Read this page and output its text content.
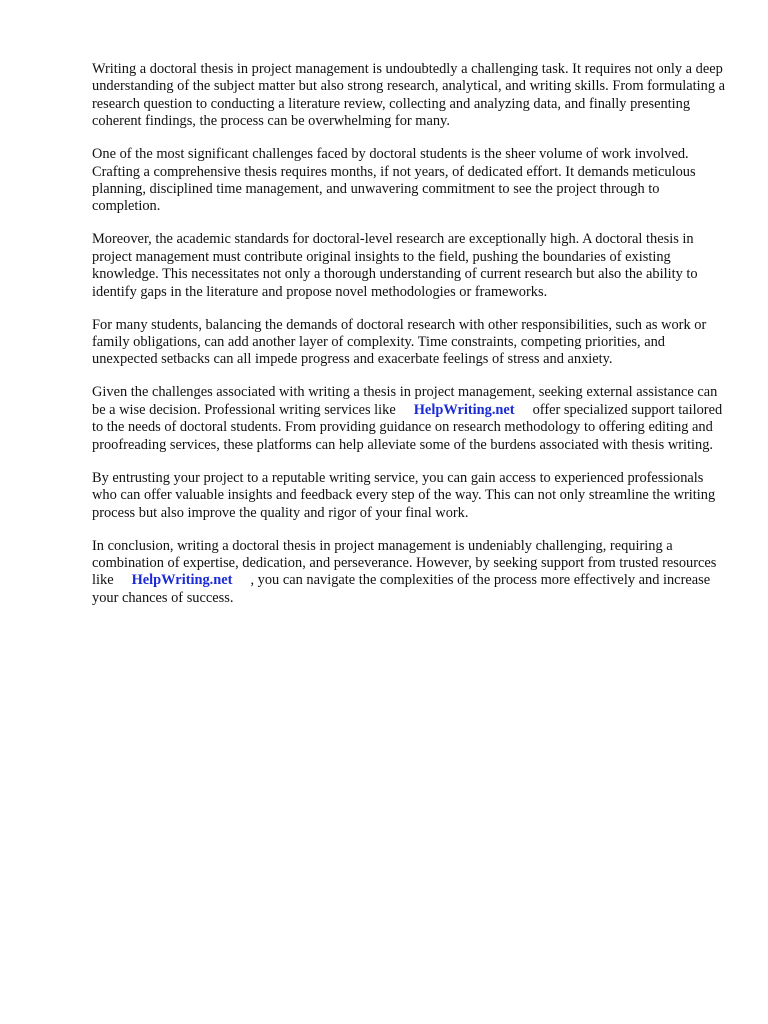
Writing a doctoral thesis in project management is undoubtedly a challenging task. It requires not only a deep understanding of the subject matter but also strong research, analytical, and writing skills. From formulating a research question to conducting a literature review, collecting and analyzing data, and finally presenting coherent findings, the process can be overwhelming for many.

One of the most significant challenges faced by doctoral students is the sheer volume of work involved. Crafting a comprehensive thesis requires months, if not years, of dedicated effort. It demands meticulous planning, disciplined time management, and unwavering commitment to see the project through to completion.

Moreover, the academic standards for doctoral-level research are exceptionally high. A doctoral thesis in project management must contribute original insights to the field, pushing the boundaries of existing knowledge. This necessitates not only a thorough understanding of current research but also the ability to identify gaps in the literature and propose novel methodologies or frameworks.

For many students, balancing the demands of doctoral research with other responsibilities, such as work or family obligations, can add another layer of complexity. Time constraints, competing priorities, and unexpected setbacks can all impede progress and exacerbate feelings of stress and anxiety.

Given the challenges associated with writing a thesis in project management, seeking external assistance can be a wise decision. Professional writing services like HelpWriting.net offer specialized support tailored to the needs of doctoral students. From providing guidance on research methodology to offering editing and proofreading services, these platforms can help alleviate some of the burdens associated with thesis writing.

By entrusting your project to a reputable writing service, you can gain access to experienced professionals who can offer valuable insights and feedback every step of the way. This can not only streamline the writing process but also improve the quality and rigor of your final work.

In conclusion, writing a doctoral thesis in project management is undeniably challenging, requiring a combination of expertise, dedication, and perseverance. However, by seeking support from trusted resources like HelpWriting.net , you can navigate the complexities of the process more effectively and increase your chances of success.
